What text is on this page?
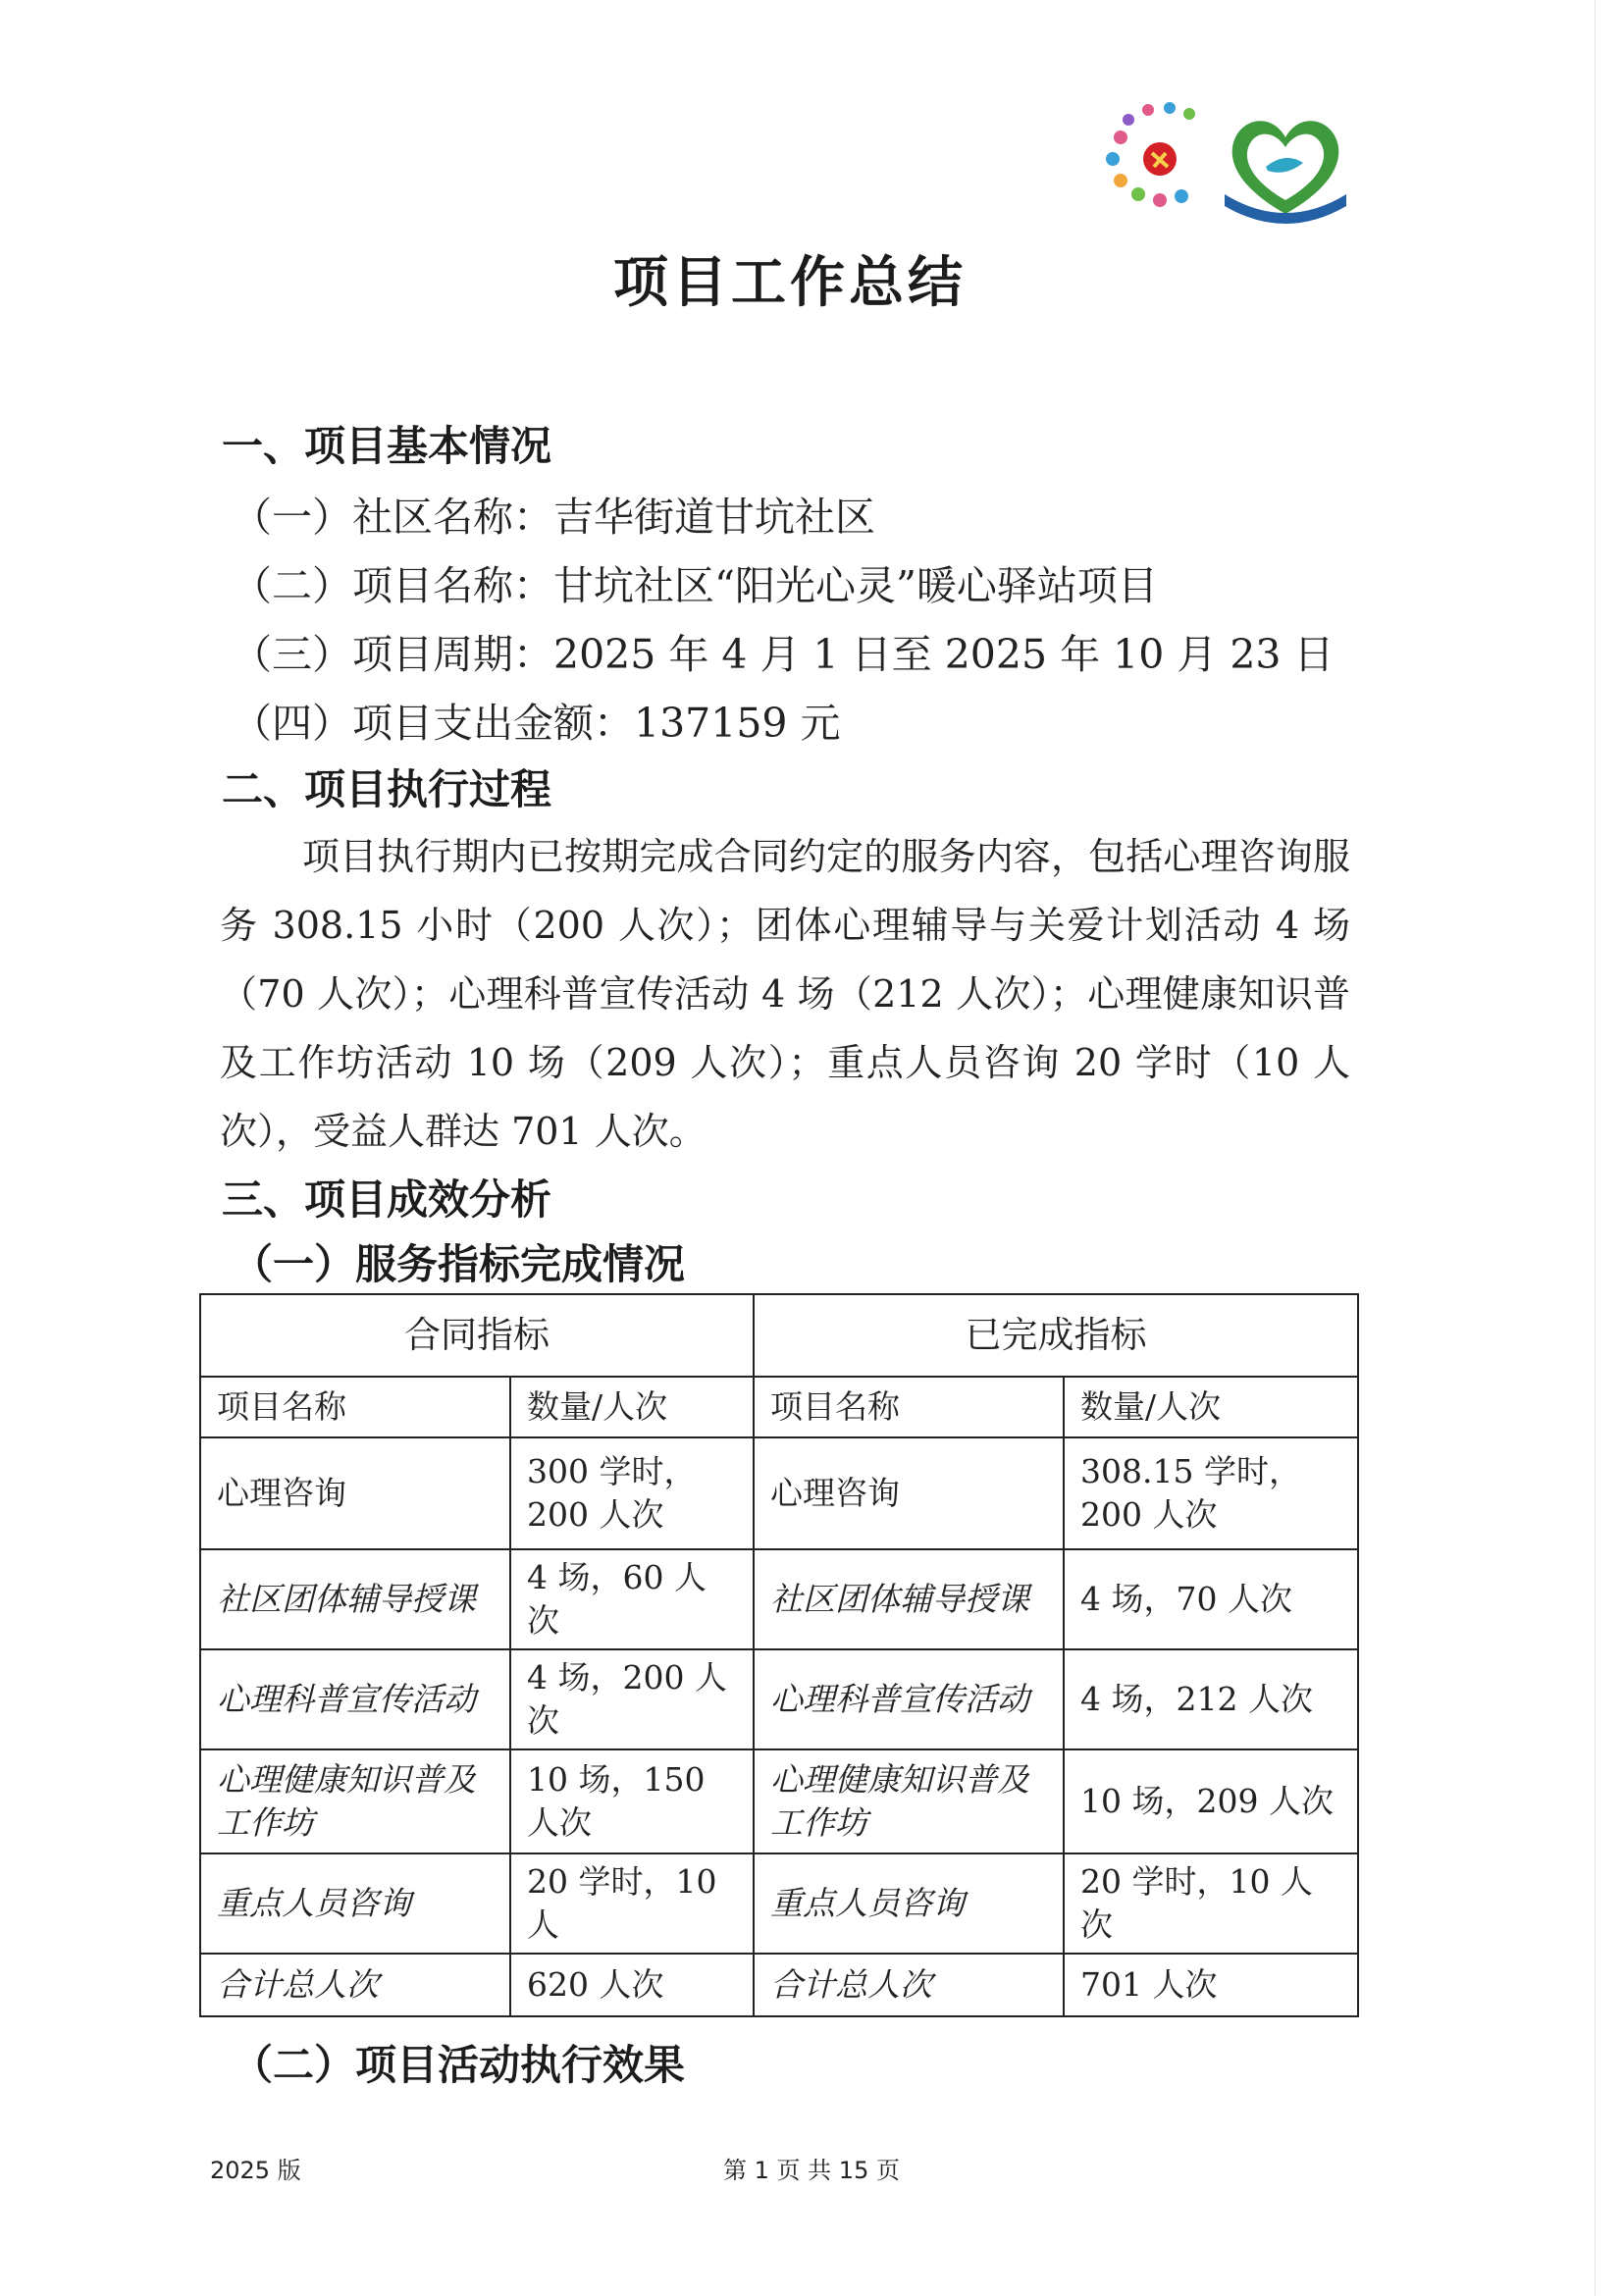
项目工作总结
一、项目基本情况
（一）社区名称：吉华街道甘坑社区
（二）项目名称：甘坑社区“阳光心灵”暖心驿站项目
（三）项目周期：2025 年 4 月 1 日至 2025 年 10 月 23 日
（四）项目支出金额：137159 元
二、项目执行过程
项目执行期内已按期完成合同约定的服务内容，包括心理咨询服务 308.15 小时（200 人次）；团体心理辅导与关爱计划活动 4 场（70 人次）；心理科普宣传活动 4 场（212 人次）；心理健康知识普及工作坊活动 10 场（209 人次）；重点人员咨询 20 学时（10 人次），受益人群达 701 人次。
三、项目成效分析
（一）服务指标完成情况
合同指标		已完成指标	
项目名称	数量/人次	项目名称	数量/人次
心理咨询	300 学时，200 人次	心理咨询	308.15 学时，200 人次
社区团体辅导授课	4 场，60 人次	社区团体辅导授课	4 场，70 人次
心理科普宣传活动	4 场，200 人次	心理科普宣传活动	4 场，212 人次
心理健康知识普及工作坊	10 场，150 人次	心理健康知识普及工作坊	10 场，209 人次
重点人员咨询	20 学时，10 人	重点人员咨询	20 学时，10 人次
合计总人次	620 人次	合计总人次	701 人次
（二）项目活动执行效果
2025 版	第 1 页 共 15 页
